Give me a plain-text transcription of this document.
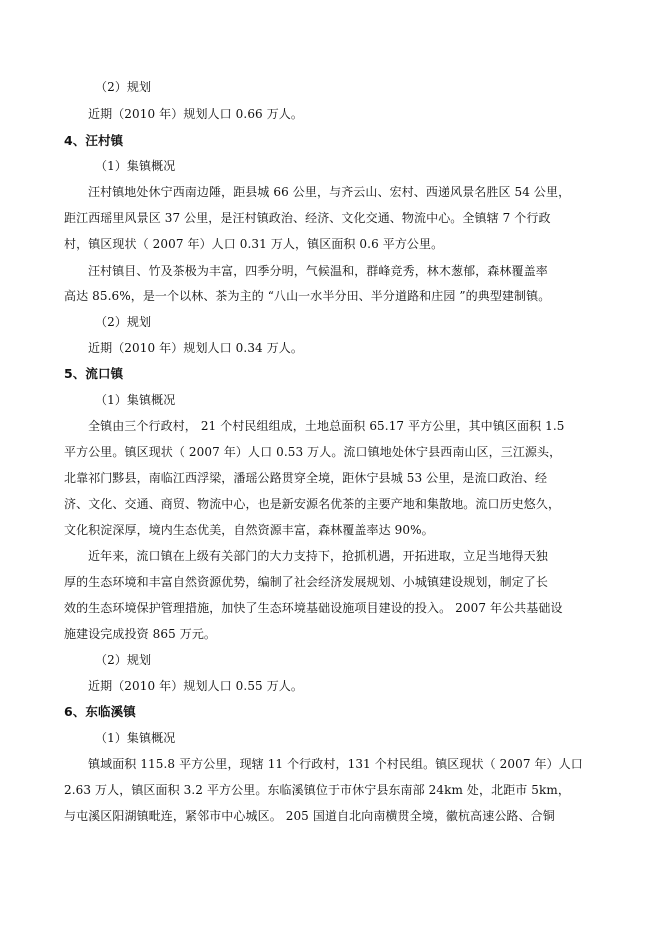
（2）规划
近期（2010 年）规划人口 0.66 万人。
4、汪村镇
（1）集镇概况
汪村镇地处休宁西南边陲，距县城 66 公里，与齐云山、宏村、西递风景名胜区 54 公里，
距江西瑶里风景区 37 公里，是汪村镇政治、经济、文化交通、物流中心。全镇辖 7 个行政
村，镇区现状（ 2007 年）人口 0.31 万人，镇区面积 0.6 平方公里。
汪村镇目、竹及茶极为丰富，四季分明，气候温和，群峰竞秀，林木葱郁，森林覆盖率
高达 85.6%，是一个以林、茶为主的 “八山一水半分田、半分道路和庄园 ”的典型建制镇。
（2）规划
近期（2010 年）规划人口 0.34 万人。
5、流口镇
（1）集镇概况
全镇由三个行政村， 21 个村民组组成，土地总面积 65.17 平方公里，其中镇区面积 1.5
平方公里。镇区现状（ 2007 年）人口 0.53 万人。流口镇地处休宁县西南山区，三江源头，
北靠祁门黟县，南临江西浮梁，潘瑶公路贯穿全境，距休宁县城 53 公里，是流口政治、经
济、文化、交通、商贸、物流中心，也是新安源名优茶的主要产地和集散地。流口历史悠久，
文化积淀深厚，境内生态优美，自然资源丰富，森林覆盖率达 90%。
近年来，流口镇在上级有关部门的大力支持下，抢抓机遇，开拓进取，立足当地得天独
厚的生态环境和丰富自然资源优势，编制了社会经济发展规划、小城镇建设规划，制定了长
效的生态环境保护管理措施，加快了生态环境基础设施项目建设的投入。 2007 年公共基础设
施建设完成投资 865 万元。
（2）规划
近期（2010 年）规划人口 0.55 万人。
6、东临溪镇
（1）集镇概况
镇域面积 115.8 平方公里，现辖 11 个行政村，131 个村民组。镇区现状（ 2007 年）人口
2.63 万人，镇区面积 3.2 平方公里。东临溪镇位于市休宁县东南部 24km 处，北距市 5km，
与屯溪区阳湖镇毗连，紧邻市中心城区。 205 国道自北向南横贯全境，徽杭高速公路、合铜
